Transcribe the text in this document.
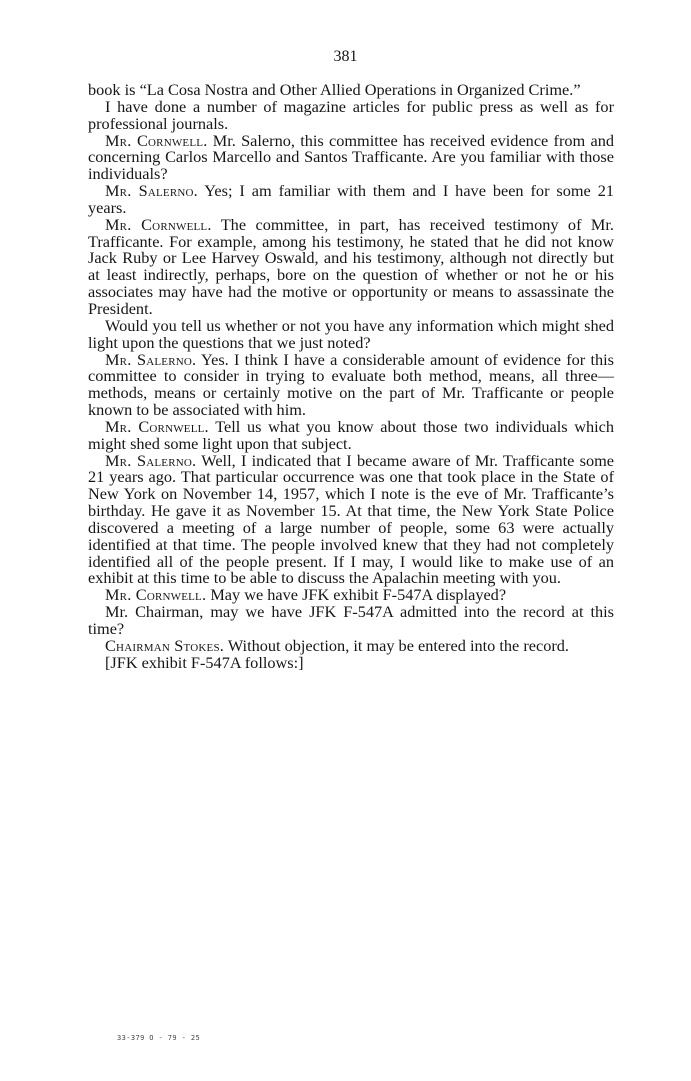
381

book is “La Cosa Nostra and Other Allied Operations in Organized Crime.”

I have done a number of magazine articles for public press as well as for professional journals.

Mr. Cornwell. Mr. Salerno, this committee has received evidence from and concerning Carlos Marcello and Santos Trafficante. Are you familiar with those individuals?

Mr. Salerno. Yes; I am familiar with them and I have been for some 21 years.

Mr. Cornwell. The committee, in part, has received testimony of Mr. Trafficante. For example, among his testimony, he stated that he did not know Jack Ruby or Lee Harvey Oswald, and his testimony, although not directly but at least indirectly, perhaps, bore on the question of whether or not he or his associates may have had the motive or opportunity or means to assassinate the President.

Would you tell us whether or not you have any information which might shed light upon the questions that we just noted?

Mr. Salerno. Yes. I think I have a considerable amount of evidence for this committee to consider in trying to evaluate both method, means, all three—methods, means or certainly motive on the part of Mr. Trafficante or people known to be associated with him.

Mr. Cornwell. Tell us what you know about those two individuals which might shed some light upon that subject.

Mr. Salerno. Well, I indicated that I became aware of Mr. Trafficante some 21 years ago. That particular occurrence was one that took place in the State of New York on November 14, 1957, which I note is the eve of Mr. Trafficante’s birthday. He gave it as November 15. At that time, the New York State Police discovered a meeting of a large number of people, some 63 were actually identified at that time. The people involved knew that they had not completely identified all of the people present. If I may, I would like to make use of an exhibit at this time to be able to discuss the Apalachin meeting with you.

Mr. Cornwell. May we have JFK exhibit F-547A displayed?

Mr. Chairman, may we have JFK F-547A admitted into the record at this time?

Chairman Stokes. Without objection, it may be entered into the record.

[JFK exhibit F-547A follows:]

33-379 O - 79 - 25
